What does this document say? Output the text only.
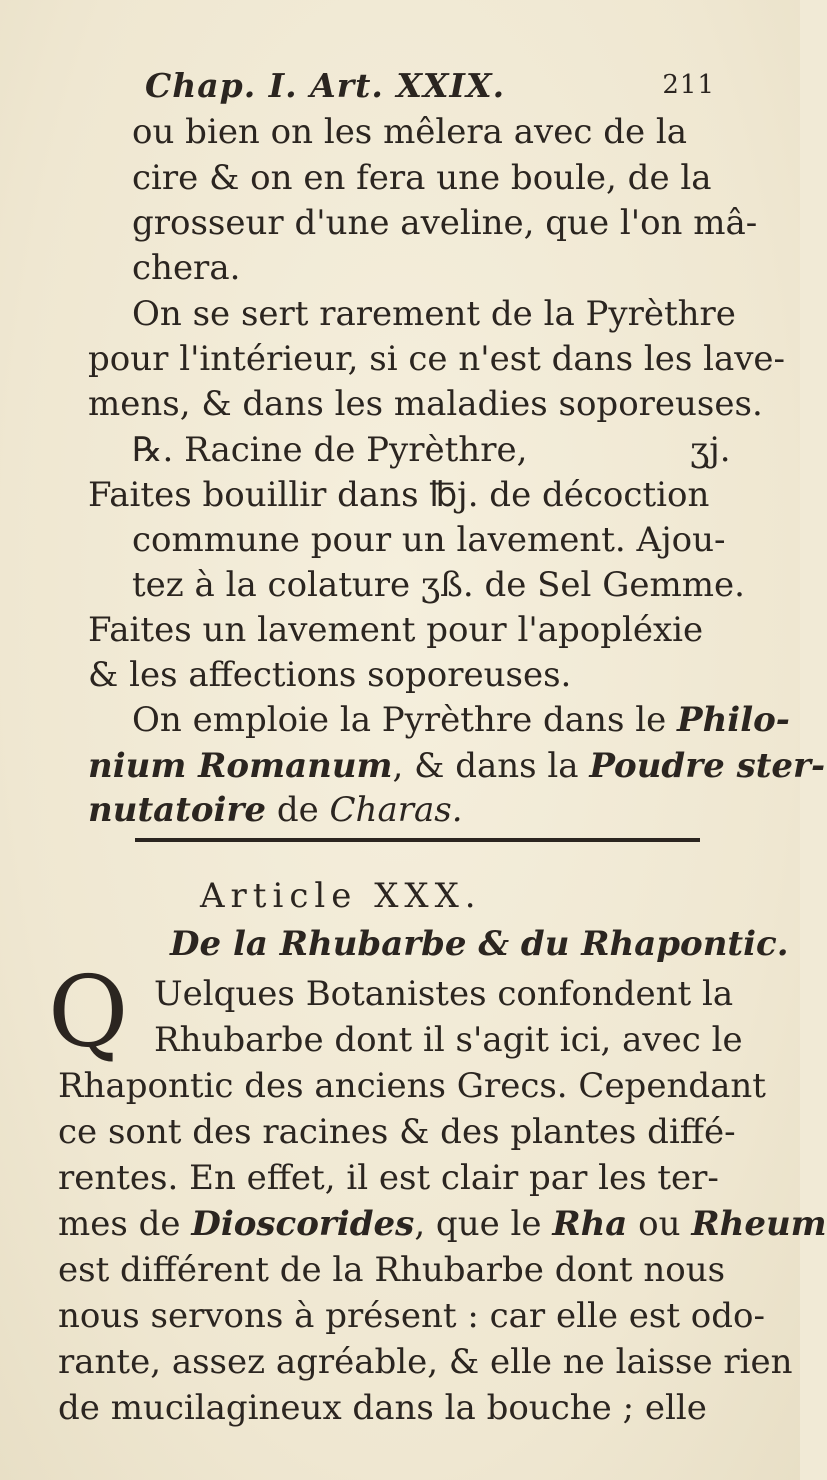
Chap. I. Art. XXIX.	211
ou bien on les mêlera avec de la
cire & on en fera une boule, de la
grosseur d'une aveline, que l'on mâ-
chera.
On se sert rarement de la Pyrèthre
pour l'intérieur, si ce n'est dans les lave-
mens, & dans les maladies soporeuses.
℞. Racine de Pyrèthre,	ʒj.
Faites bouillir dans ℔j. de décoction
commune pour un lavement. Ajou-
tez à la colature ʒß. de Sel Gemme.
Faites un lavement pour l'apopléxie
& les affections soporeuses.
On emploie la Pyrèthre dans le Philo-
nium Romanum, & dans la Poudre ster-
nutatoire de Charas.
Article XXX.
De la Rhubarbe & du Rhapontic.
Q Uelques Botanistes confondent la
Rhubarbe dont il s'agit ici, avec le
Rhapontic des anciens Grecs. Cependant
ce sont des racines & des plantes diffé-
rentes. En effet, il est clair par les ter-
mes de Dioscorides, que le Rha ou Rheum
est différent de la Rhubarbe dont nous
nous servons à présent : car elle est odo-
rante, assez agréable, & elle ne laisse rien
de mucilagineux dans la bouche ; elle
